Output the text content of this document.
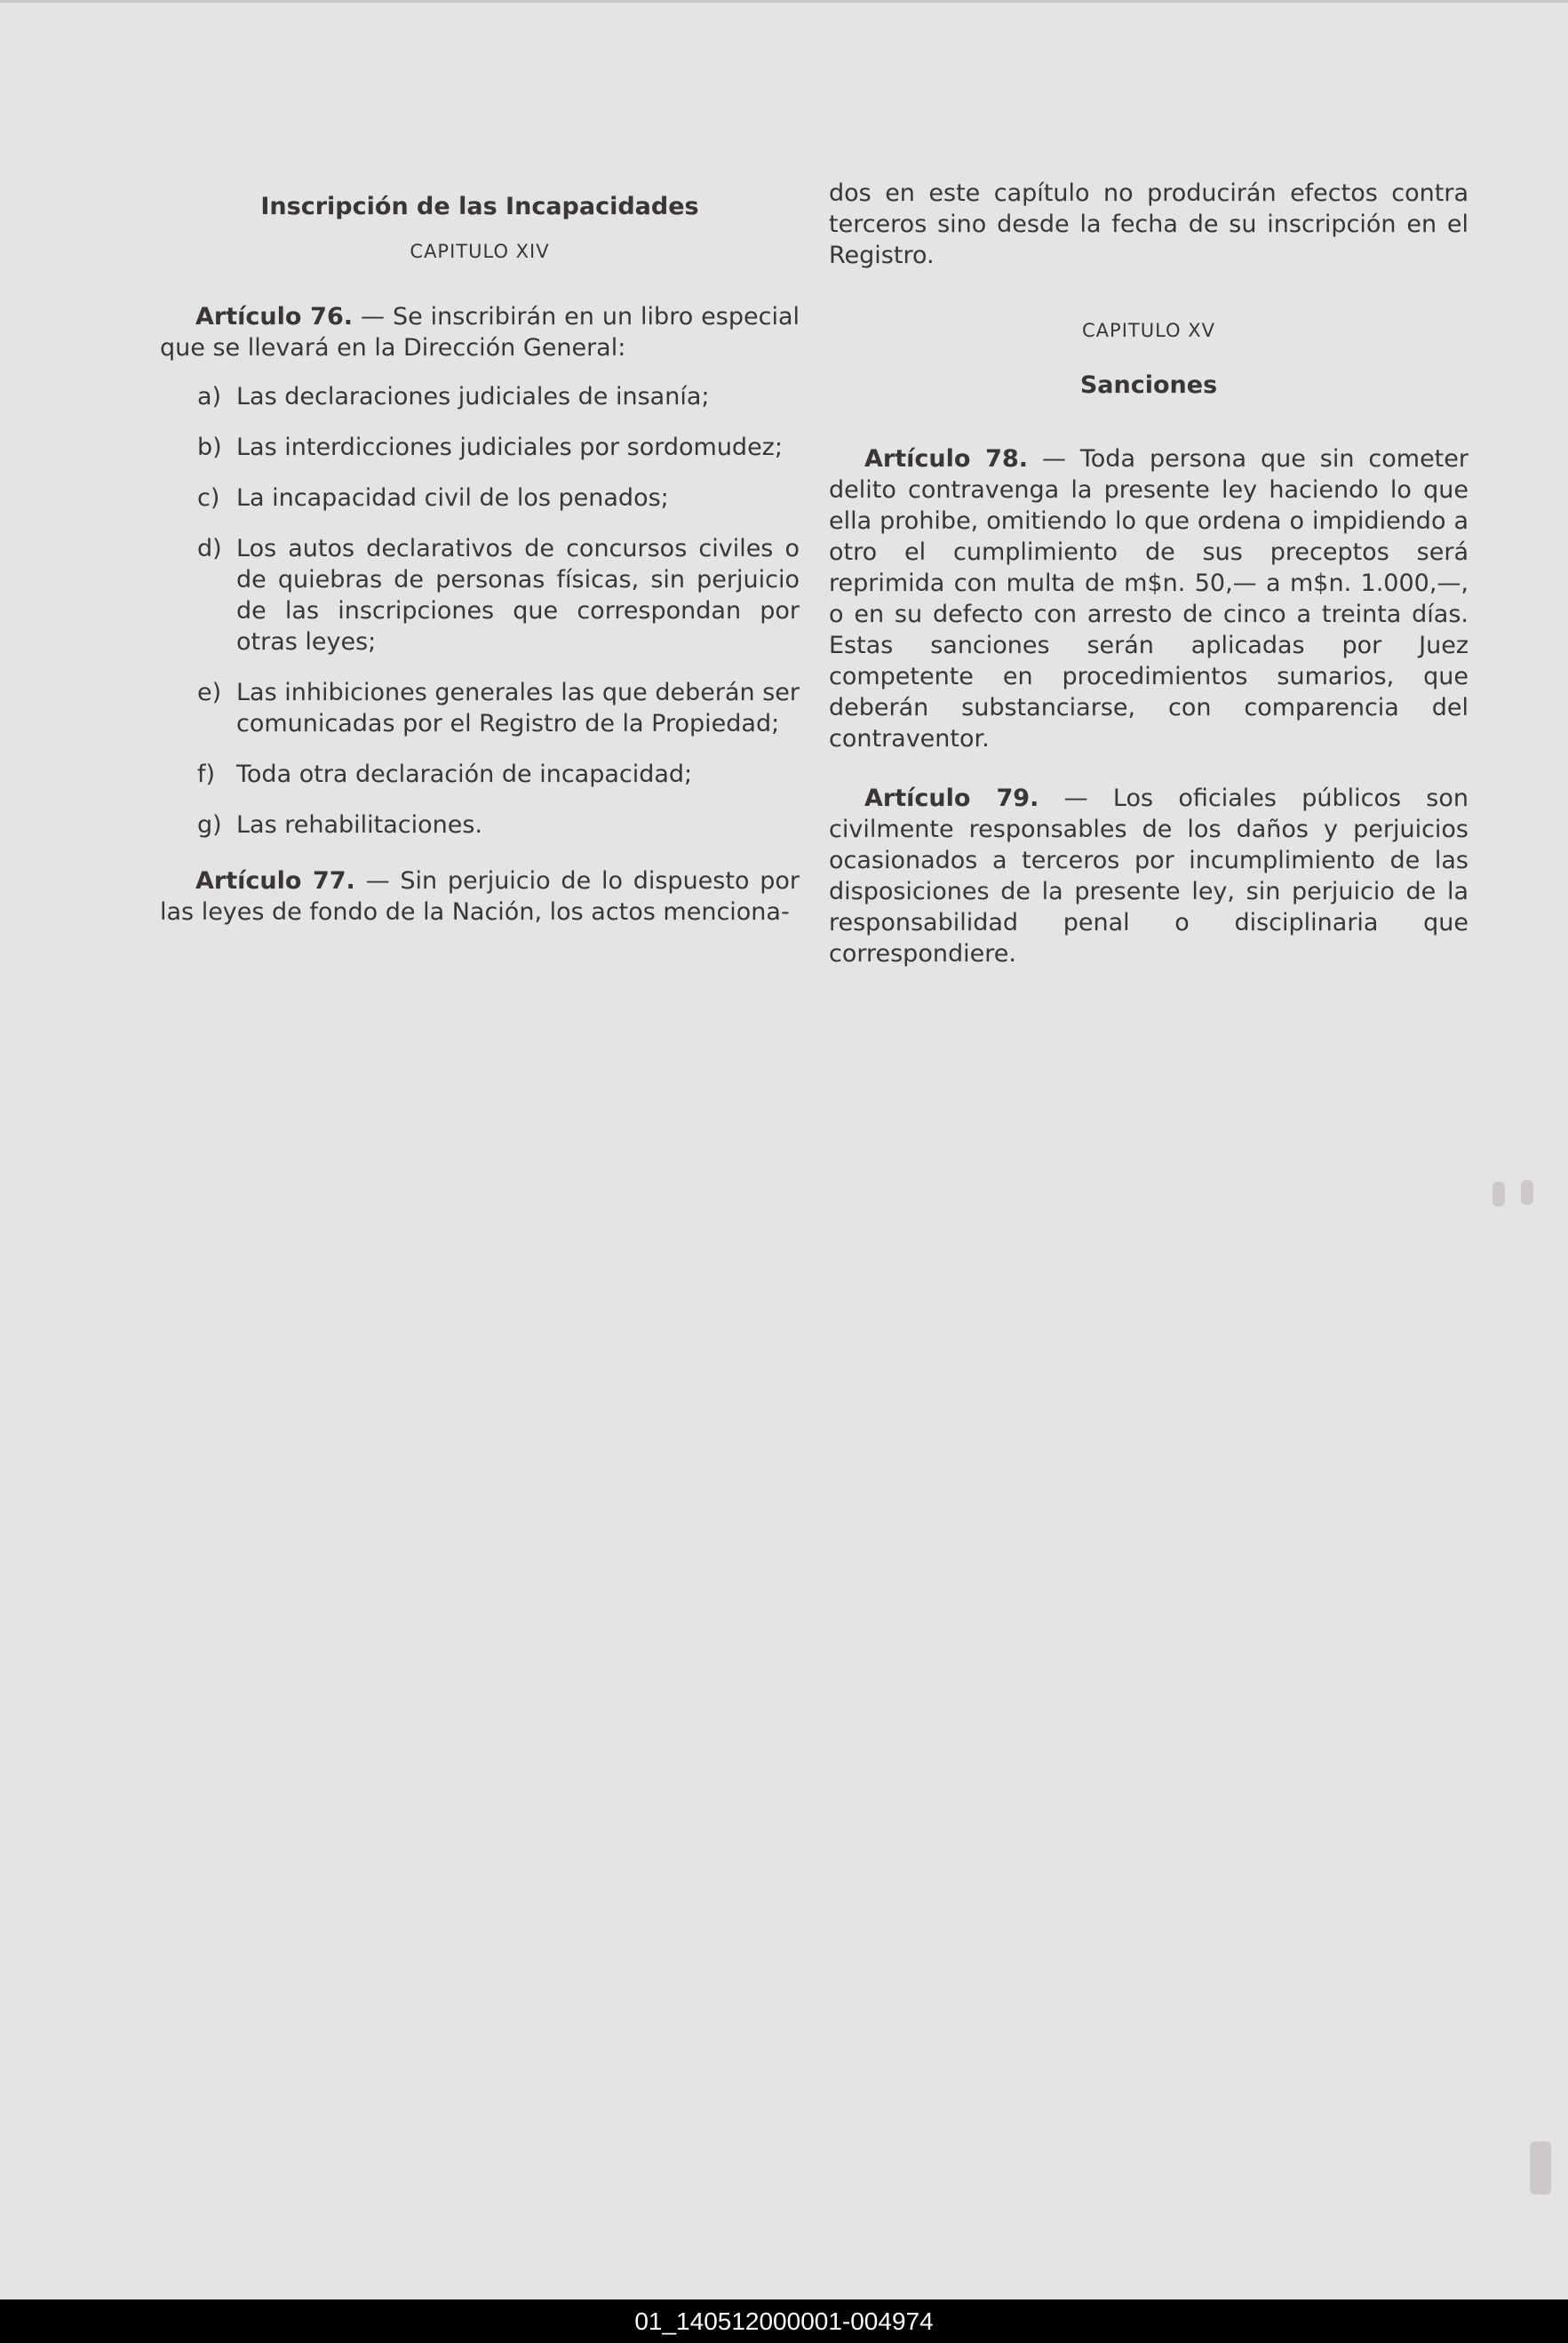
Inscripción de las Incapacidades

CAPITULO XIV

Artículo 76. — Se inscribirán en un libro especial que se llevará en la Dirección General:

a) Las declaraciones judiciales de insanía;
b) Las interdicciones judiciales por sordomudez;
c) La incapacidad civil de los penados;
d) Los autos declarativos de concursos civiles o de quiebras de personas físicas, sin perjuicio de las inscripciones que correspondan por otras leyes;
e) Las inhibiciones generales las que deberán ser comunicadas por el Registro de la Propiedad;
f) Toda otra declaración de incapacidad;
g) Las rehabilitaciones.

Artículo 77. — Sin perjuicio de lo dispuesto por las leyes de fondo de la Nación, los actos menciona-

dos en este capítulo no producirán efectos contra terceros sino desde la fecha de su inscripción en el Registro.

CAPITULO XV

Sanciones

Artículo 78. — Toda persona que sin cometer delito contravenga la presente ley haciendo lo que ella prohibe, omitiendo lo que ordena o impidiendo a otro el cumplimiento de sus preceptos será reprimida con multa de m$n. 50,— a m$n. 1.000,—, o en su defecto con arresto de cinco a treinta días. Estas sanciones serán aplicadas por Juez competente en procedimientos sumarios, que deberán substanciarse, con comparencia del contraventor.

Artículo 79. — Los oficiales públicos son civilmente responsables de los daños y perjuicios ocasionados a terceros por incumplimiento de las disposiciones de la presente ley, sin perjuicio de la responsabilidad penal o disciplinaria que correspondiere.

01_140512000001-004974
